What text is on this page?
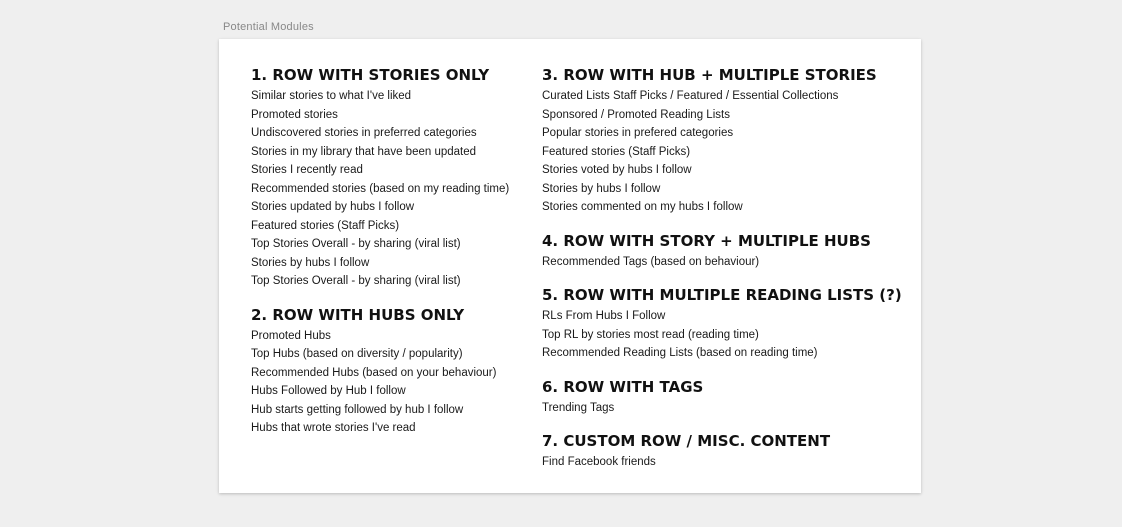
Potential Modules
1. ROW WITH STORIES ONLY
Similar stories to what I've liked
Promoted stories
Undiscovered stories in preferred categories
Stories in my library that have been updated
Stories I recently read
Recommended stories (based on my reading time)
Stories updated by hubs I follow
Featured stories (Staff Picks)
Top Stories Overall - by sharing (viral list)
Stories by hubs I follow
Top Stories Overall - by sharing (viral list)
2. ROW WITH HUBS ONLY
Promoted Hubs
Top Hubs (based on diversity / popularity)
Recommended Hubs (based on your behaviour)
Hubs Followed by Hub I follow
Hub starts getting followed by hub I follow
Hubs that wrote stories I've read
3. ROW WITH HUB + MULTIPLE STORIES
Curated Lists Staff Picks / Featured / Essential Collections
Sponsored / Promoted Reading Lists
Popular stories in prefered categories
Featured stories (Staff Picks)
Stories voted by hubs I follow
Stories by hubs I follow
Stories commented on my hubs I follow
4. ROW WITH STORY + MULTIPLE HUBS
Recommended Tags (based on behaviour)
5. ROW WITH MULTIPLE READING LISTS (?)
RLs From Hubs I Follow
Top RL by stories most read (reading time)
Recommended Reading Lists (based on reading time)
6. ROW WITH TAGS
Trending Tags
7. CUSTOM ROW / MISC. CONTENT
Find Facebook friends
